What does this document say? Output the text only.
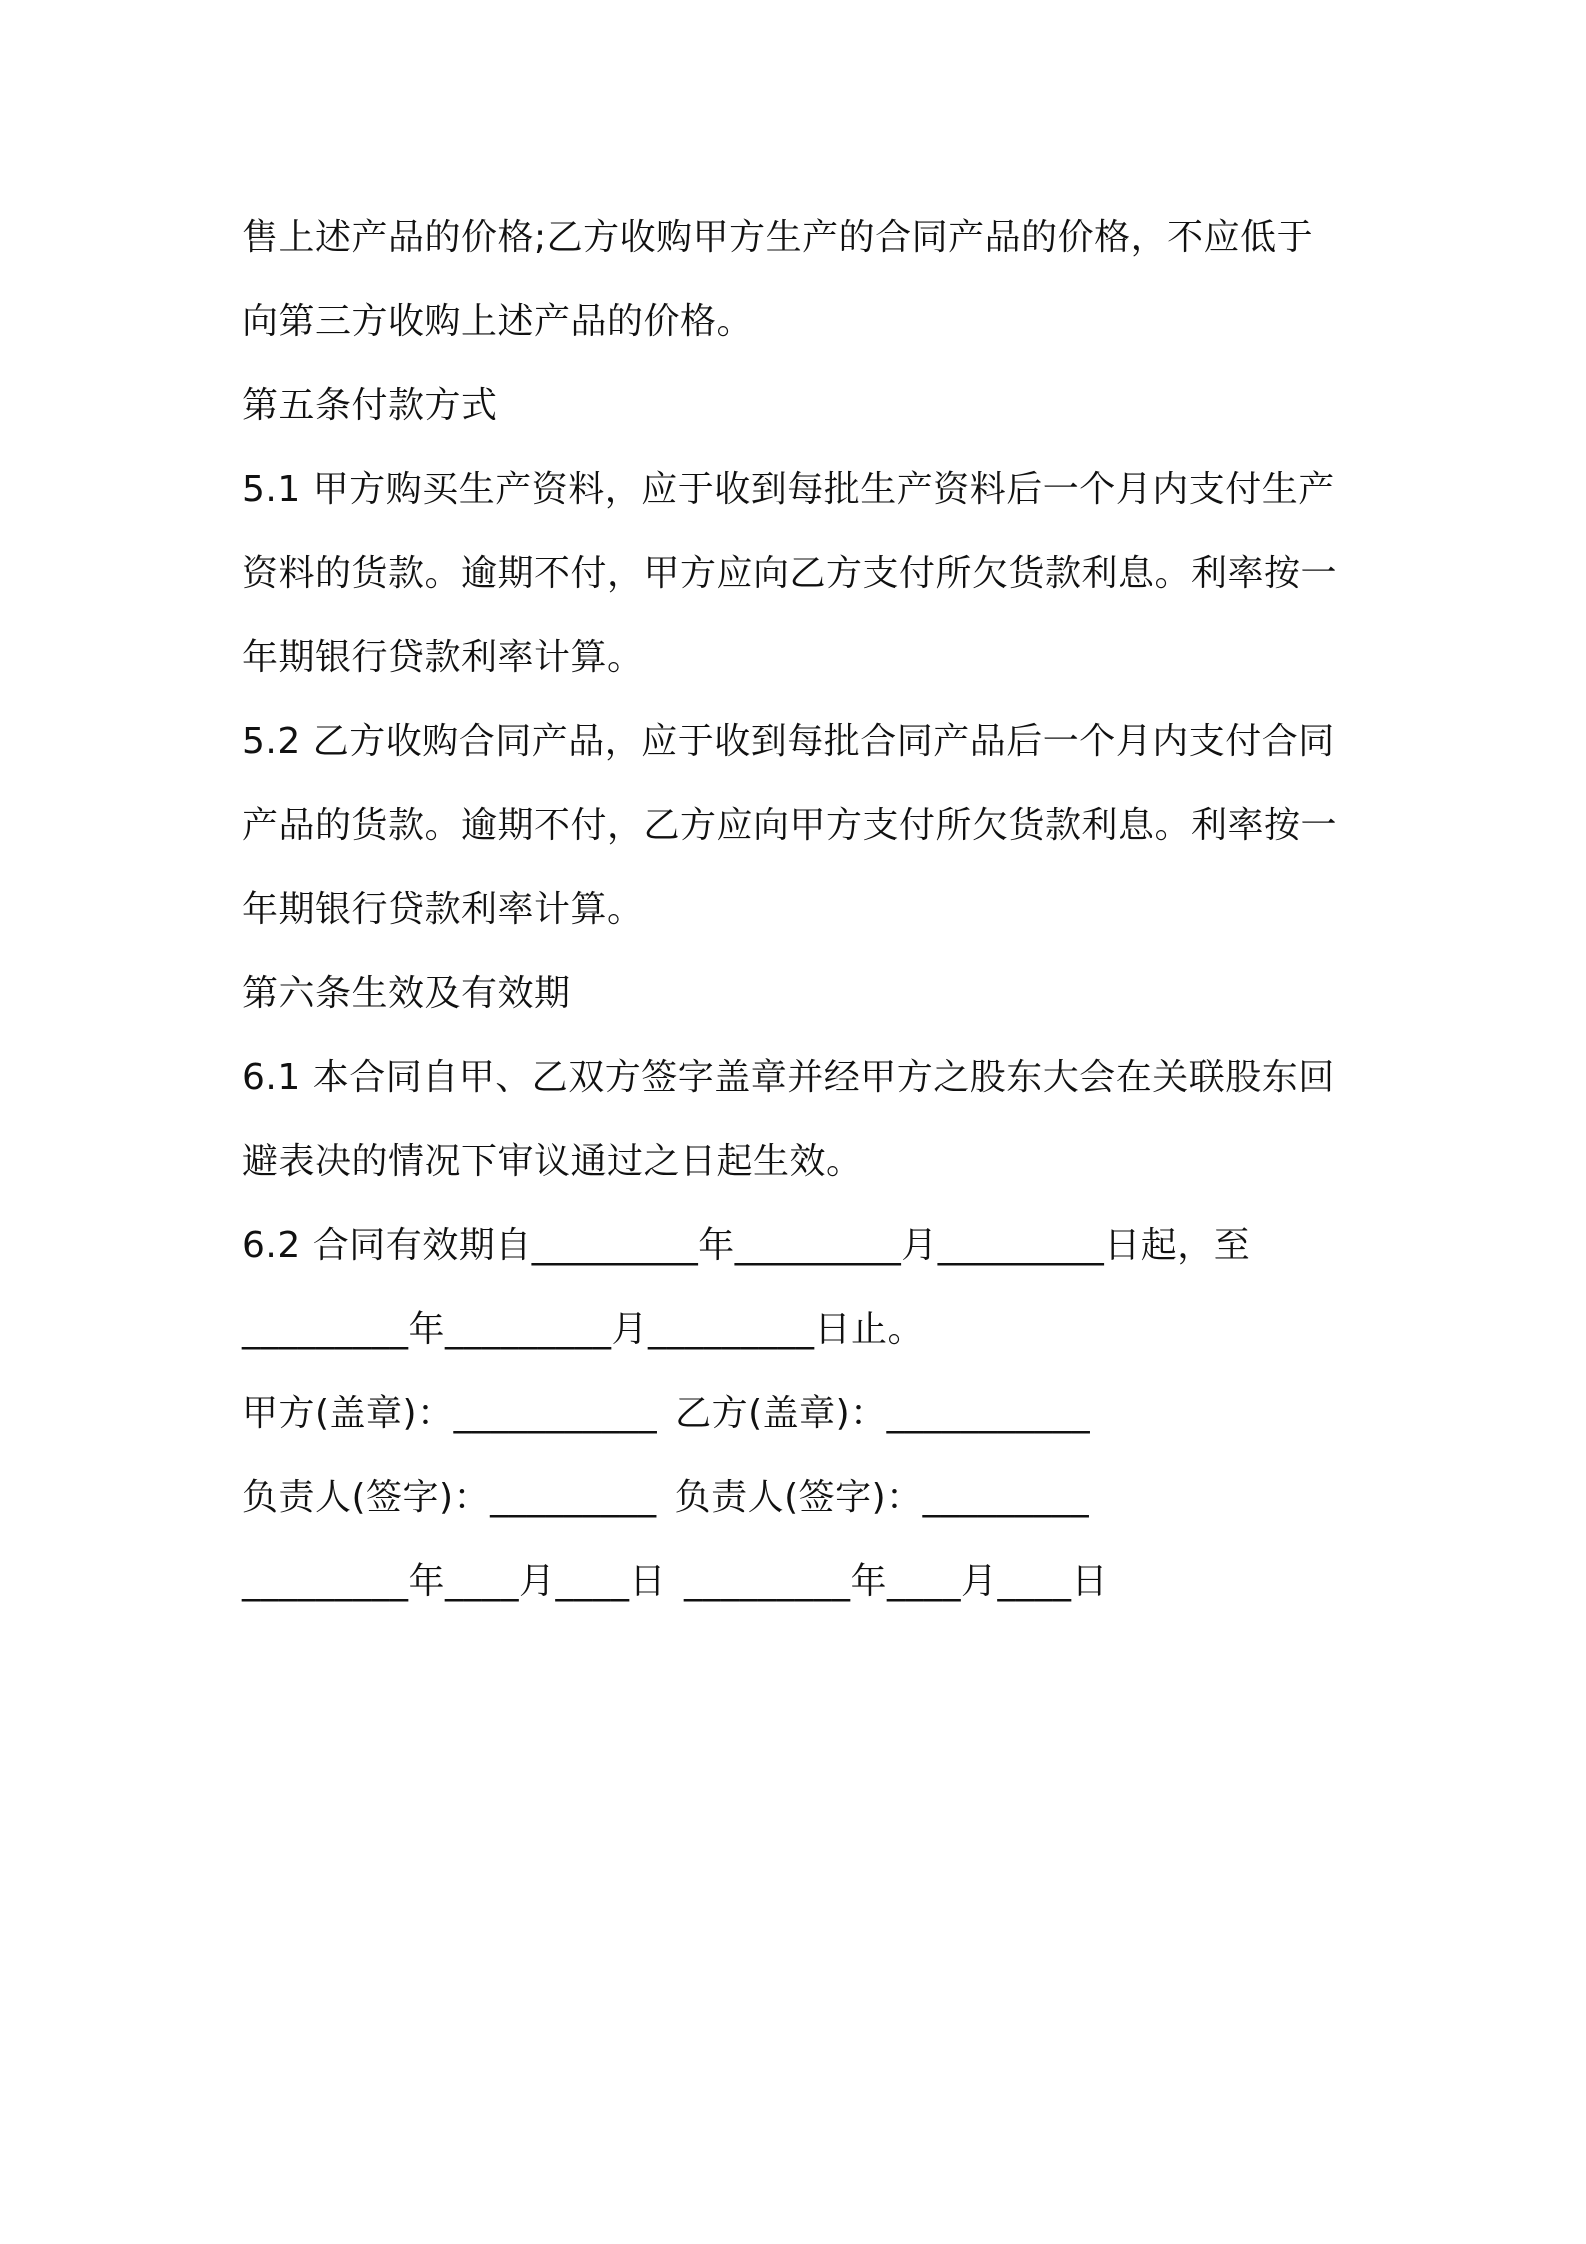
售上述产品的价格;乙方收购甲方生产的合同产品的价格，不应低于

向第三方收购上述产品的价格。

第五条付款方式

5.1 甲方购买生产资料，应于收到每批生产资料后一个月内支付生产

资料的货款。逾期不付，甲方应向乙方支付所欠货款利息。利率按一

年期银行贷款利率计算。

5.2 乙方收购合同产品，应于收到每批合同产品后一个月内支付合同

产品的货款。逾期不付，乙方应向甲方支付所欠货款利息。利率按一

年期银行贷款利率计算。

第六条生效及有效期

6.1 本合同自甲、乙双方签字盖章并经甲方之股东大会在关联股东回

避表决的情况下审议通过之日起生效。

6.2 合同有效期自_________年_________月_________日起，至

_________年_________月_________日止。

甲方(盖章)：___________ 乙方(盖章)：___________
负责人(签字)：_________ 负责人(签字)：_________
_________年____月____日 _________年____月____日
